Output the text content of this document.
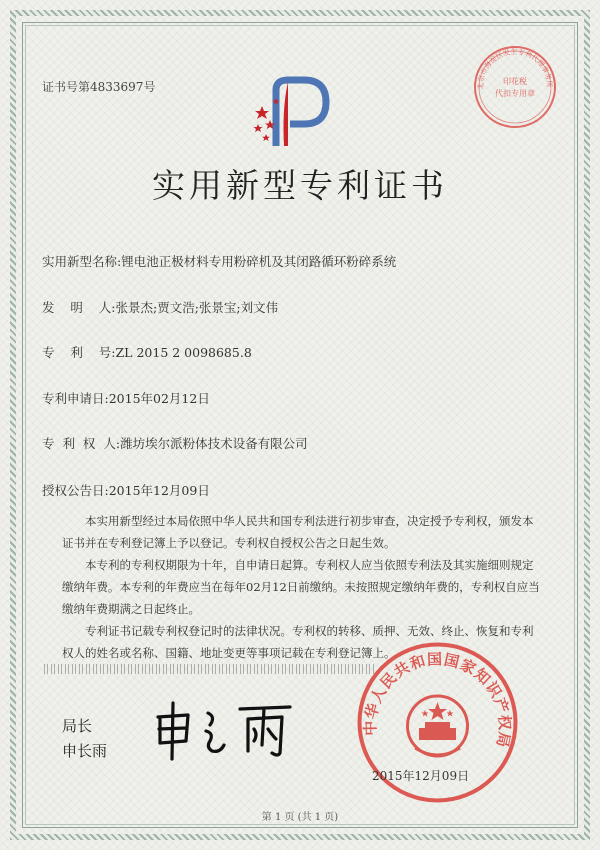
证书号第4833697号	北京市海淀区发生专利代理事务所
印花税
代扣专用章
实用新型专利证书
实用新型名称:锂电池正极材料专用粉碎机及其闭路循环粉碎系统
发    明    人:张景杰;贾文浩;张景宝;刘文伟
专    利    号:ZL 2015 2 0098685.8
专利申请日:2015年02月12日
专  利  权  人:潍坊埃尔派粉体技术设备有限公司
授权公告日:2015年12月09日

本实用新型经过本局依照中华人民共和国专利法进行初步审查，决定授予专利权，颁发本证书并在专利登记簿上予以登记。专利权自授权公告之日起生效。

本专利的专利权期限为十年，自申请日起算。专利权人应当依照专利法及其实施细则规定缴纳年费。本专利的年费应当在每年02月12日前缴纳。未按照规定缴纳年费的，专利权自应当缴纳年费期满之日起终止。

专利证书记载专利权登记时的法律状况。专利权的转移、质押、无效、终止、恢复和专利权人的姓名或名称、国籍、地址变更等事项记载在专利登记簿上。

局长
申长雨
中华人民共和国国家知识产权局
2015年12月09日
第 1 页 (共 1 页)
